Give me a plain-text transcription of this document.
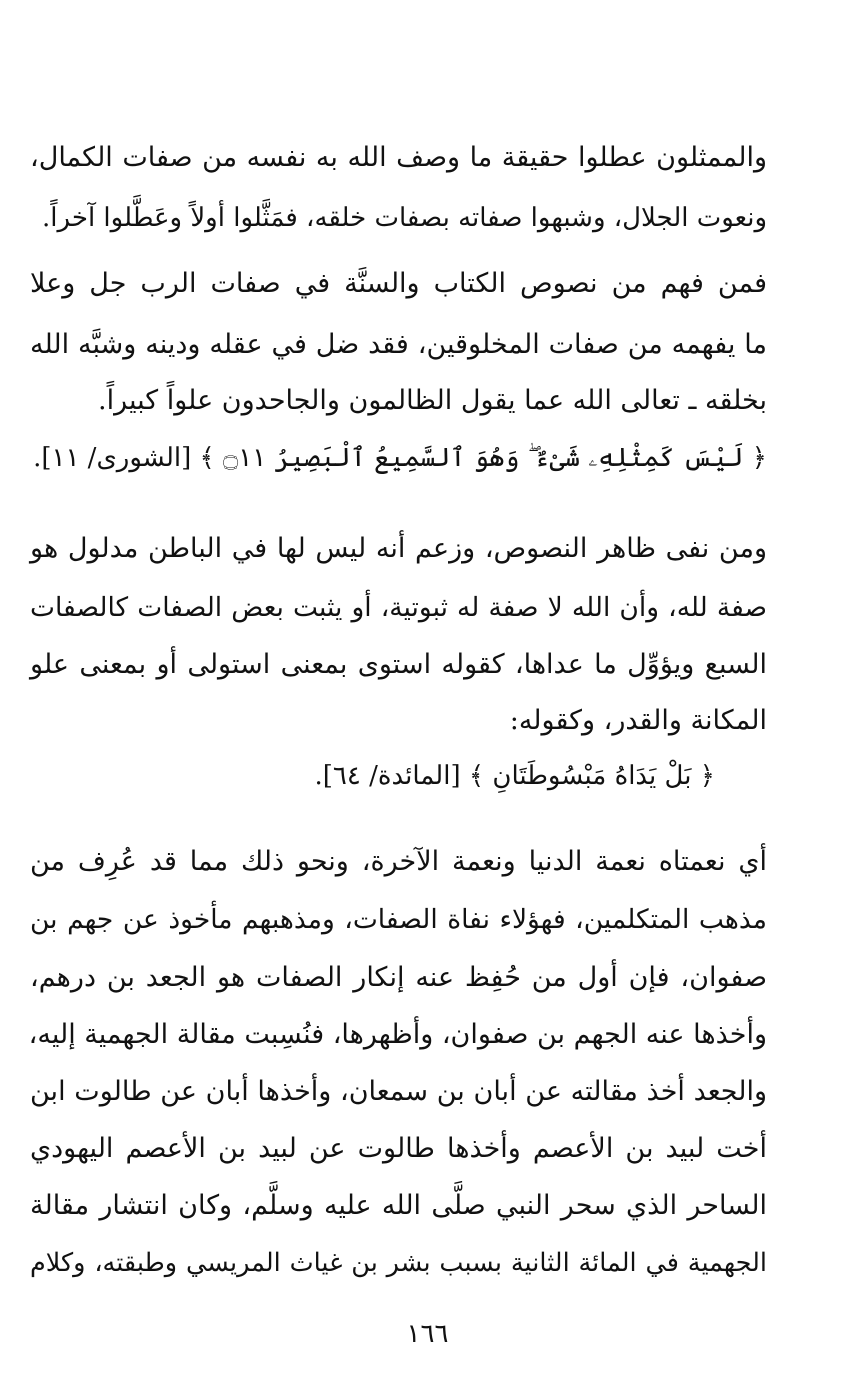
والممثلون عطلوا حقيقة ما وصف الله به نفسه من صفات الكمال،
ونعوت الجلال، وشبهوا صفاته بصفات خلقه، فمَثَّلوا أولاً وعَطَّلوا آخراً.
فمن فهم من نصوص الكتاب والسنَّة في صفات الرب جل وعلا
ما يفهمه من صفات المخلوقين، فقد ضل في عقله ودينه وشبَّه الله
بخلقه ـ تعالى الله عما يقول الظالمون والجاحدون علواً كبيراً.
﴿ لَيْسَ كَمِثْلِهِۦ شَىْءٌ ۖ وَهُوَ ٱلسَّمِيعُ ٱلْبَصِيرُ ۝١١ ﴾ [الشورى/ ١١].
ومن نفى ظاهر النصوص، وزعم أنه ليس لها في الباطن مدلول هو
صفة لله، وأن الله لا صفة له ثبوتية، أو يثبت بعض الصفات كالصفات
السبع ويؤوِّل ما عداها، كقوله استوى بمعنى استولى أو بمعنى علو
المكانة والقدر، وكقوله:
﴿ بَلْ يَدَاهُ مَبْسُوطَتَانِ ﴾ [المائدة/ ٦٤].
أي نعمتاه نعمة الدنيا ونعمة الآخرة، ونحو ذلك مما قد عُرِف من
مذهب المتكلمين، فهؤلاء نفاة الصفات، ومذهبهم مأخوذ عن جهم بن
صفوان، فإن أول من حُفِظ عنه إنكار الصفات هو الجعد بن درهم،
وأخذها عنه الجهم بن صفوان، وأظهرها، فنُسِبت مقالة الجهمية إليه،
والجعد أخذ مقالته عن أبان بن سمعان، وأخذها أبان عن طالوت ابن
أخت لبيد بن الأعصم وأخذها طالوت عن لبيد بن الأعصم اليهودي
الساحر الذي سحر النبي صلَّى الله عليه وسلَّم، وكان انتشار مقالة
الجهمية في المائة الثانية بسبب بشر بن غياث المريسي وطبقته، وكلام
١٦٦
